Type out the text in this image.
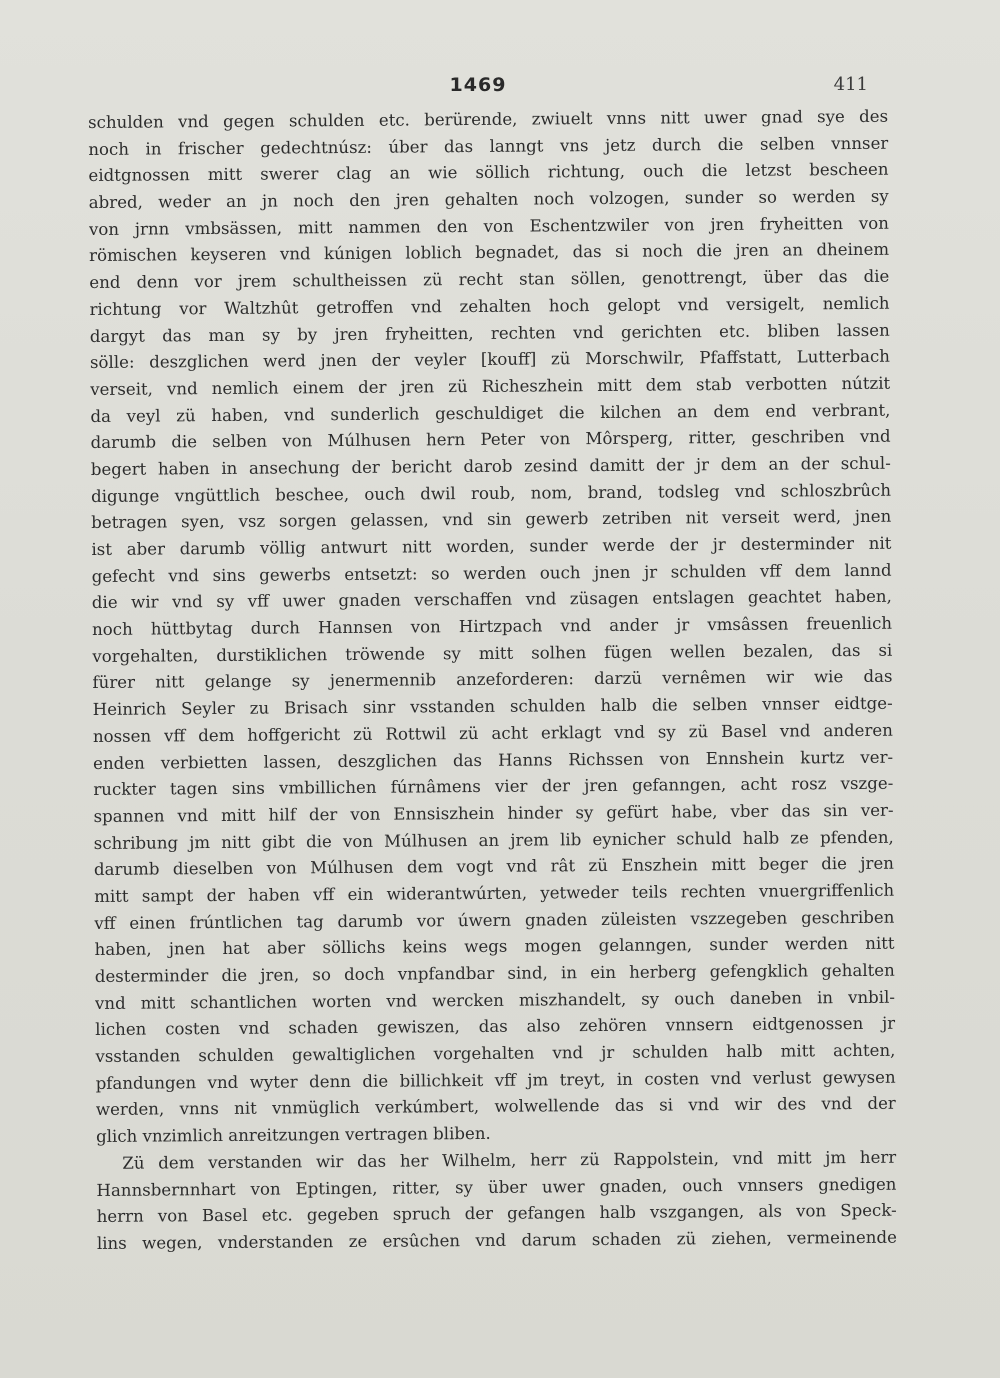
1469	411
schulden vnd gegen schulden etc. berürende, zwiuelt vnns nitt uwer gnad sye des
noch in frischer gedechtnúsz: úber das lanngt vns jetz durch die selben vnnser
eidtgnossen mitt swerer clag an wie söllich richtung, ouch die letzst bescheen
abred, weder an jn noch den jren gehalten noch volzogen, sunder so werden sy
von jrnn vmbsässen, mitt nammen den von Eschentzwiler von jren fryheitten von
römischen keyseren vnd kúnigen loblich begnadet, das si noch die jren an dheinem
end denn vor jrem schultheissen zü recht stan söllen, genottrengt, über das die
richtung vor Waltzhût getroffen vnd zehalten hoch gelopt vnd versigelt, nemlich
dargyt das man sy by jren fryheitten, rechten vnd gerichten etc. bliben lassen
sölle: deszglichen werd jnen der veyler [kouff] zü Morschwilr, Pfaffstatt, Lutterbach
verseit, vnd nemlich einem der jren zü Richeszhein mitt dem stab verbotten nútzit
da veyl zü haben, vnd sunderlich geschuldiget die kilchen an dem end verbrant,
darumb die selben von Múlhusen hern Peter von Môrsperg, ritter, geschriben vnd
begert haben in ansechung der bericht darob zesind damitt der jr dem an der schul-
digunge vngüttlich beschee, ouch dwil roub, nom, brand, todsleg vnd schloszbrûch
betragen syen, vsz sorgen gelassen, vnd sin gewerb zetriben nit verseit werd, jnen
ist aber darumb völlig antwurt nitt worden, sunder werde der jr desterminder nit
gefecht vnd sins gewerbs entsetzt: so werden ouch jnen jr schulden vff dem lannd
die wir vnd sy vff uwer gnaden verschaffen vnd züsagen entslagen geachtet haben,
noch hüttbytag durch Hannsen von Hirtzpach vnd ander jr vmsâssen freuenlich
vorgehalten, durstiklichen tröwende sy mitt solhen fügen wellen bezalen, das si
fürer nitt gelange sy jenermennib anzeforderen: darzü vernêmen wir wie das
Heinrich Seyler zu Brisach sinr vsstanden schulden halb die selben vnnser eidtge-
nossen vff dem hoffgericht zü Rottwil zü acht erklagt vnd sy zü Basel vnd anderen
enden verbietten lassen, deszglichen das Hanns Richssen von Ennshein kurtz ver-
ruckter tagen sins vmbillichen fúrnâmens vier der jren gefanngen, acht rosz vszge-
spannen vnd mitt hilf der von Ennsiszhein hinder sy gefürt habe, vber das sin ver-
schribung jm nitt gibt die von Múlhusen an jrem lib eynicher schuld halb ze pfenden,
darumb dieselben von Múlhusen dem vogt vnd rât zü Enszhein mitt beger die jren
mitt sampt der haben vff ein widerantwúrten, yetweder teils rechten vnuergriffenlich
vff einen frúntlichen tag darumb vor úwern gnaden züleisten vszzegeben geschriben
haben, jnen hat aber söllichs keins wegs mogen gelanngen, sunder werden nitt
desterminder die jren, so doch vnpfandbar sind, in ein herberg gefengklich gehalten
vnd mitt schantlichen worten vnd wercken miszhandelt, sy ouch daneben in vnbil-
lichen costen vnd schaden gewiszen, das also zehören vnnsern eidtgenossen jr
vsstanden schulden gewaltiglichen vorgehalten vnd jr schulden halb mitt achten,
pfandungen vnd wyter denn die billichkeit vff jm treyt, in costen vnd verlust gewysen
werden, vnns nit vnmüglich verkúmbert, wolwellende das si vnd wir des vnd der
glich vnzimlich anreitzungen vertragen bliben.
Zü dem verstanden wir das her Wilhelm, herr zü Rappolstein, vnd mitt jm herr
Hannsbernnhart von Eptingen, ritter, sy über uwer gnaden, ouch vnnsers gnedigen
herrn von Basel etc. gegeben spruch der gefangen halb vszgangen, als von Speck-
lins wegen, vnderstanden ze ersûchen vnd darum schaden zü ziehen, vermeinende
